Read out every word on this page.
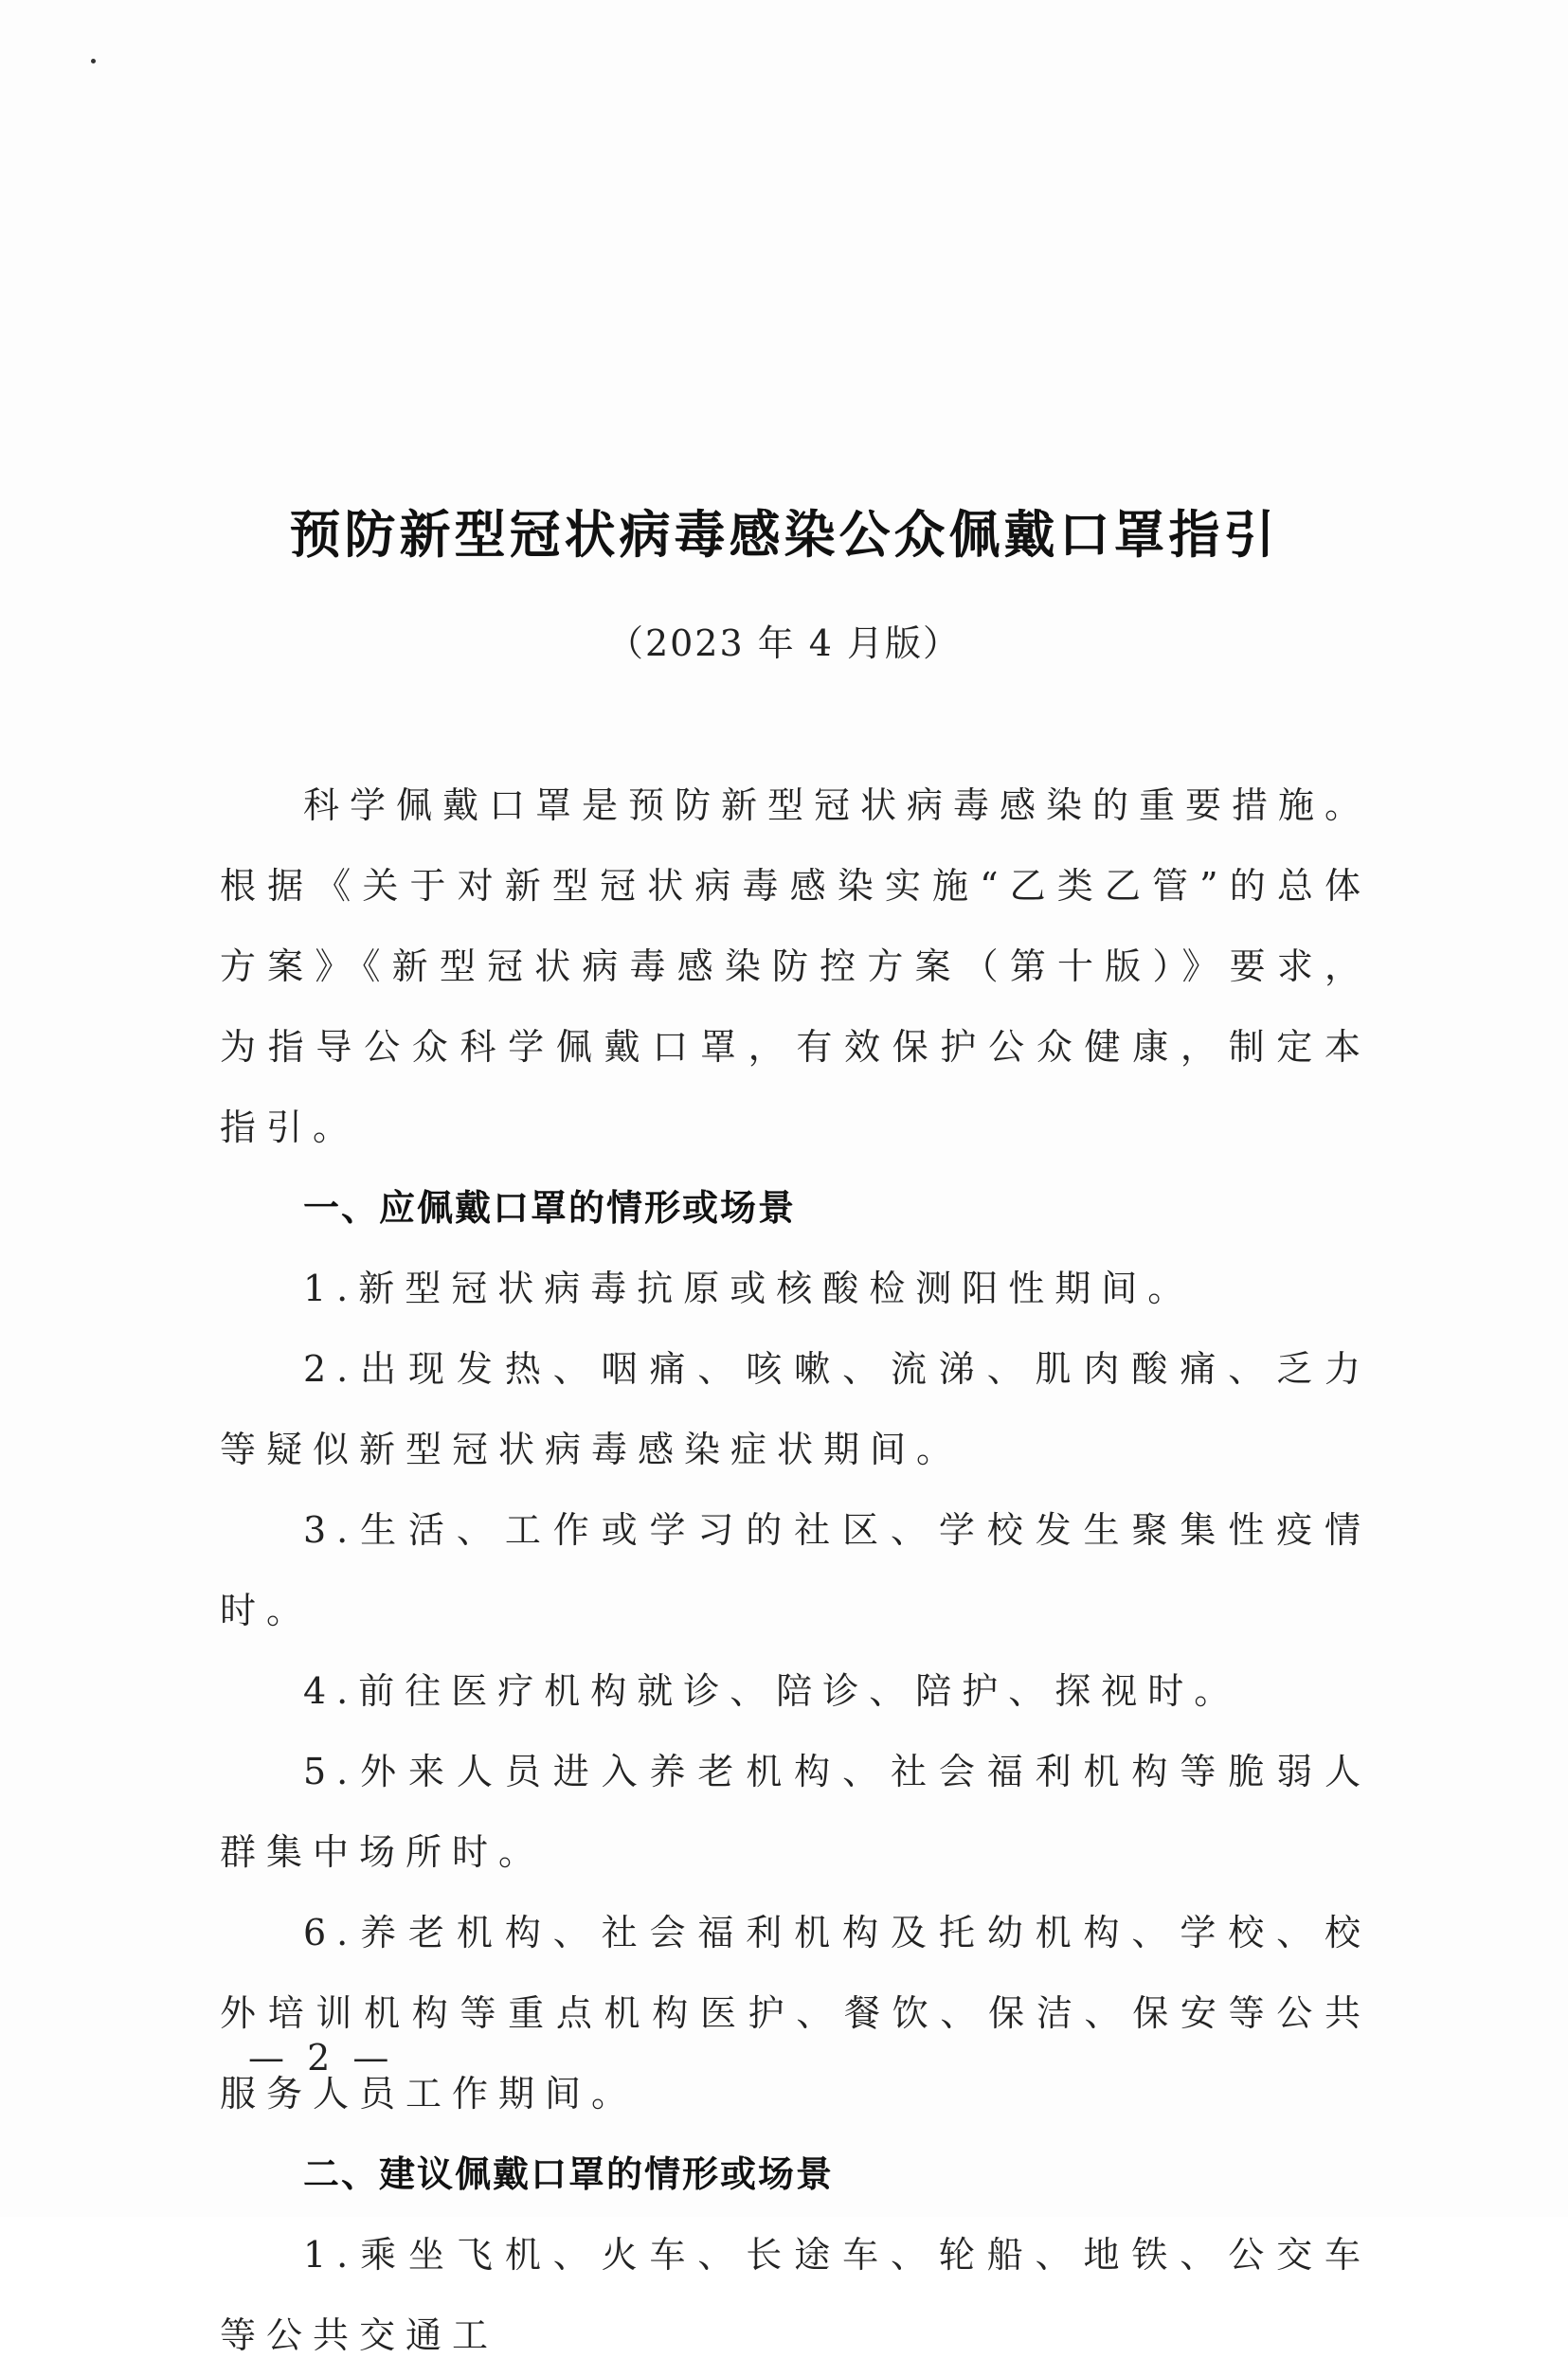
预防新型冠状病毒感染公众佩戴口罩指引
（2023 年 4 月版）

科学佩戴口罩是预防新型冠状病毒感染的重要措施。根据《关于对新型冠状病毒感染实施“乙类乙管”的总体方案》《新型冠状病毒感染防控方案（第十版）》要求，为指导公众科学佩戴口罩，有效保护公众健康，制定本指引。

一、应佩戴口罩的情形或场景

1.新型冠状病毒抗原或核酸检测阳性期间。

2.出现发热、咽痛、咳嗽、流涕、肌肉酸痛、乏力等疑似新型冠状病毒感染症状期间。

3.生活、工作或学习的社区、学校发生聚集性疫情时。

4.前往医疗机构就诊、陪诊、陪护、探视时。

5.外来人员进入养老机构、社会福利机构等脆弱人群集中场所时。

6.养老机构、社会福利机构及托幼机构、学校、校外培训机构等重点机构医护、餐饮、保洁、保安等公共服务人员工作期间。

二、建议佩戴口罩的情形或场景

1.乘坐飞机、火车、长途车、轮船、地铁、公交车等公共交通工

— 2 —
